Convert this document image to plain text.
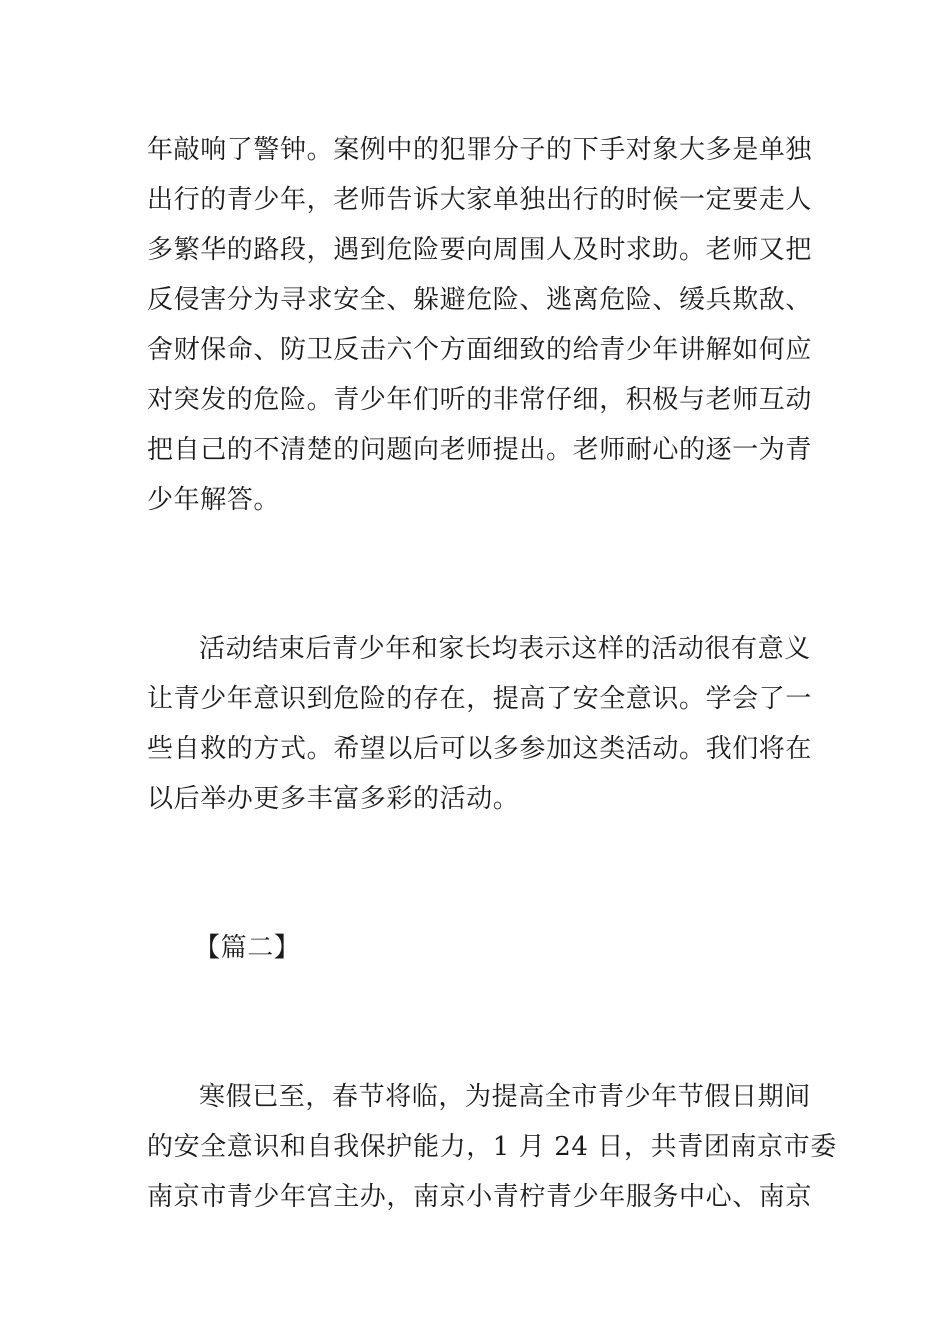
年敲响了警钟。案例中的犯罪分子的下手对象大多是单独
出行的青少年，老师告诉大家单独出行的时候一定要走人
多繁华的路段，遇到危险要向周围人及时求助。老师又把
反侵害分为寻求安全、躲避危险、逃离危险、缓兵欺敌、
舍财保命、防卫反击六个方面细致的给青少年讲解如何应
对突发的危险。青少年们听的非常仔细，积极与老师互动
把自己的不清楚的问题向老师提出。老师耐心的逐一为青
少年解答。
活动结束后青少年和家长均表示这样的活动很有意义
让青少年意识到危险的存在，提高了安全意识。学会了一
些自救的方式。希望以后可以多参加这类活动。我们将在
以后举办更多丰富多彩的活动。
【篇二】
寒假已至，春节将临，为提高全市青少年节假日期间
的安全意识和自我保护能力，1 月 24 日，共青团南京市委
南京市青少年宫主办，南京小青柠青少年服务中心、南京
